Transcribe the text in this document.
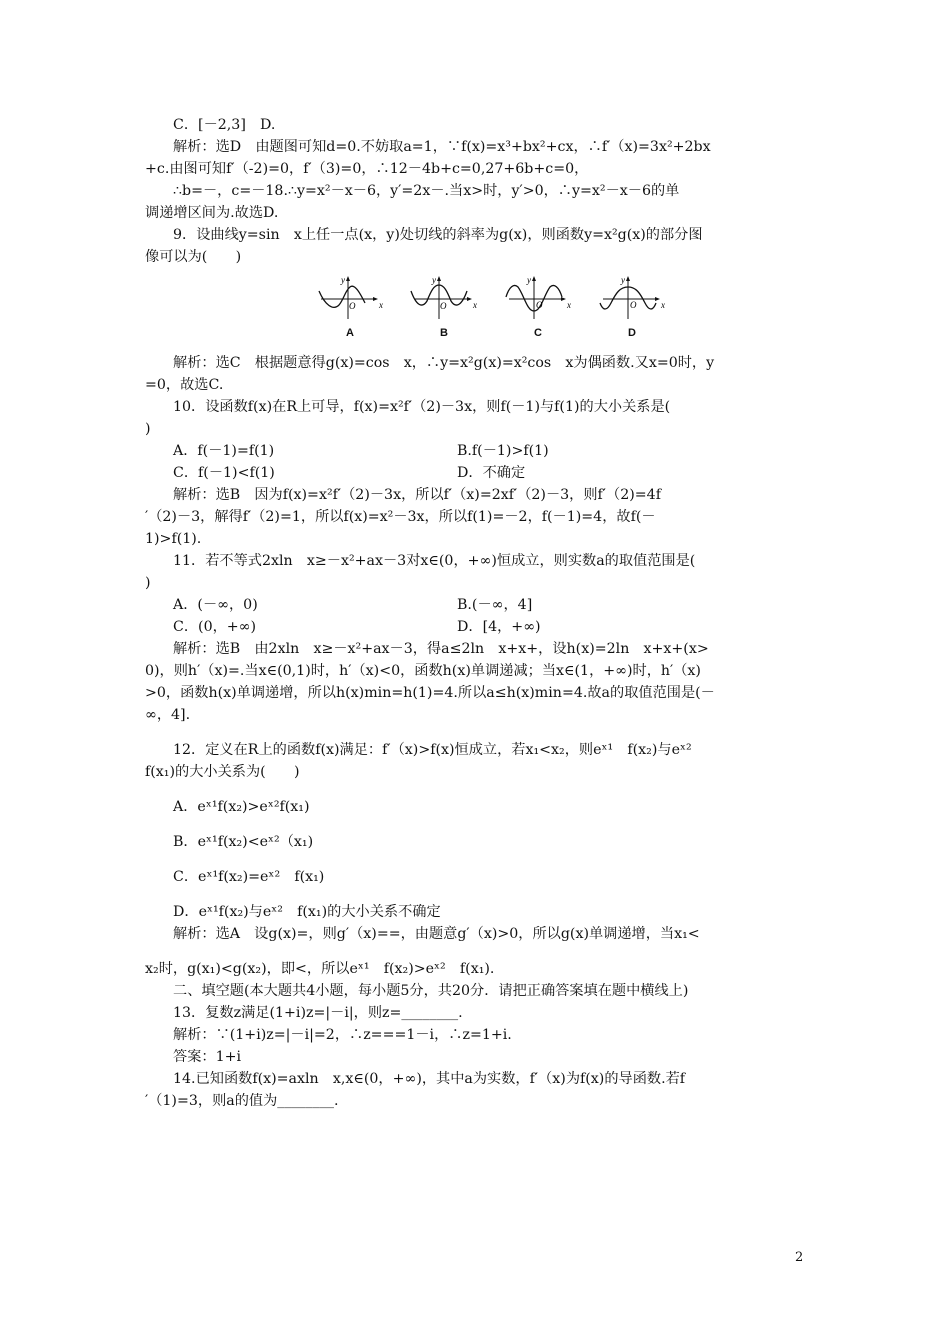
C．[－2,3]　D.
解析：选D　由题图可知d=0.不妨取a=1，∵f(x)=x³+bx²+cx，∴f′（x)=3x²+2bx
+c.由图可知f′（-2)=0，f′（3)=0，∴12－4b+c=0,27+6b+c=0，
∴b=－，c=－18.∴y=x²－x－6，y′=2x－.当x>时，y′>0，∴y=x²－x－6的单
调递增区间为.故选D.
9．设曲线y=sin　x上任一点(x，y)处切线的斜率为g(x)，则函数y=x²g(x)的部分图
像可以为(　　)
y
x
O
A
y
x
O
B
y
x
O
C
y
x
O
D
解析：选C　根据题意得g(x)=cos　x，∴y=x²g(x)=x²cos　x为偶函数.又x=0时，y
=0，故选C.
10．设函数f(x)在R上可导，f(x)=x²f′（2)－3x，则f(－1)与f(1)的大小关系是(
)
A．f(－1)=f(1)	B.f(－1)>f(1)
C．f(－1)<f(1)	D．不确定
解析：选B　因为f(x)=x²f′（2)－3x，所以f′（x)=2xf′（2)－3，则f′（2)=4f
′（2)－3，解得f′（2)=1，所以f(x)=x²－3x，所以f(1)=－2，f(－1)=4，故f(－
1)>f(1).
11．若不等式2xln　x≥－x²+ax－3对x∈(0，+∞)恒成立，则实数a的取值范围是(
)
A．(－∞，0)	B.(－∞，4]
C．(0，+∞)	D．[4，+∞)
解析：选B　由2xln　x≥－x²+ax－3，得a≤2ln　x+x+，设h(x)=2ln　x+x+(x>
0)，则h′（x)=.当x∈(0,1)时，h′（x)<0，函数h(x)单调递减；当x∈(1，+∞)时，h′（x)
>0，函数h(x)单调递增，所以h(x)min=h(1)=4.所以a≤h(x)min=4.故a的取值范围是(－
∞，4].
12．定义在R上的函数f(x)满足：f′（x)>f(x)恒成立，若x₁<x₂，则eˣ¹　f(x₂)与eˣ²
f(x₁)的大小关系为(　　)
A．eˣ¹f(x₂)>eˣ²f(x₁)
B．eˣ¹f(x₂)<eˣ²（x₁)
C．eˣ¹f(x₂)=eˣ²　f(x₁)
D．eˣ¹f(x₂)与eˣ²　f(x₁)的大小关系不确定
解析：选A　设g(x)=，则g′（x)==，由题意g′（x)>0，所以g(x)单调递增，当x₁<
x₂时，g(x₁)<g(x₂)，即<，所以eˣ¹　f(x₂)>eˣ²　f(x₁).
二、填空题(本大题共4小题，每小题5分，共20分．请把正确答案填在题中横线上)
13．复数z满足(1+i)z=|－i|，则z=________.
解析：∵(1+i)z=|－i|=2，∴z===1－i，∴z=1+i.
答案：1+i
14.已知函数f(x)=axln　x,x∈(0，+∞)，其中a为实数，f′（x)为f(x)的导函数.若f
′（1)=3，则a的值为________.
2
